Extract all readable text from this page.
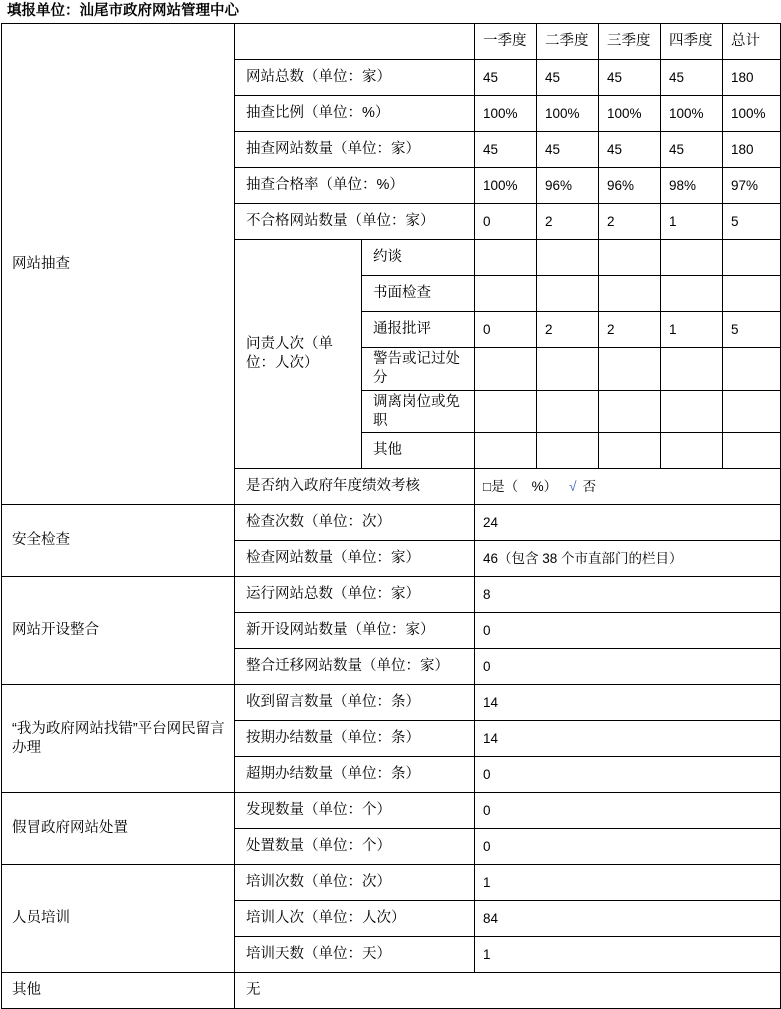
填报单位：汕尾市政府网站管理中心
网站抽查			一季度	二季度	三季度	四季度	总计
	网站总数（单位：家）		45	45	45	45	180
	抽查比例（单位：%）		100%	100%	100%	100%	100%
	抽查网站数量（单位：家）		45	45	45	45	180
	抽查合格率（单位：%）		100%	96%	96%	98%	97%
	不合格网站数量（单位：家）		0	2	2	1	5
	问责人次（单位：人次）	约谈					
		书面检查					
		通报批评	0	2	2	1	5
		警告或记过处分					
		调离岗位或免职					
		其他					
	是否纳入政府年度绩效考核		□是（　%） √ 否				
安全检查	检查次数（单位：次）		24				
	检查网站数量（单位：家）		46（包含 38 个市直部门的栏目）				
网站开设整合	运行网站总数（单位：家）		8				
	新开设网站数量（单位：家）		0				
	整合迁移网站数量（单位：家）		0				
“我为政府网站找错”平台网民留言办理	收到留言数量（单位：条）		14				
	按期办结数量（单位：条）		14				
	超期办结数量（单位：条）		0				
假冒政府网站处置	发现数量（单位：个）		0				
	处置数量（单位：个）		0				
人员培训	培训次数（单位：次）		1				
	培训人次（单位：人次）		84				
	培训天数（单位：天）		1				
其他	无						
